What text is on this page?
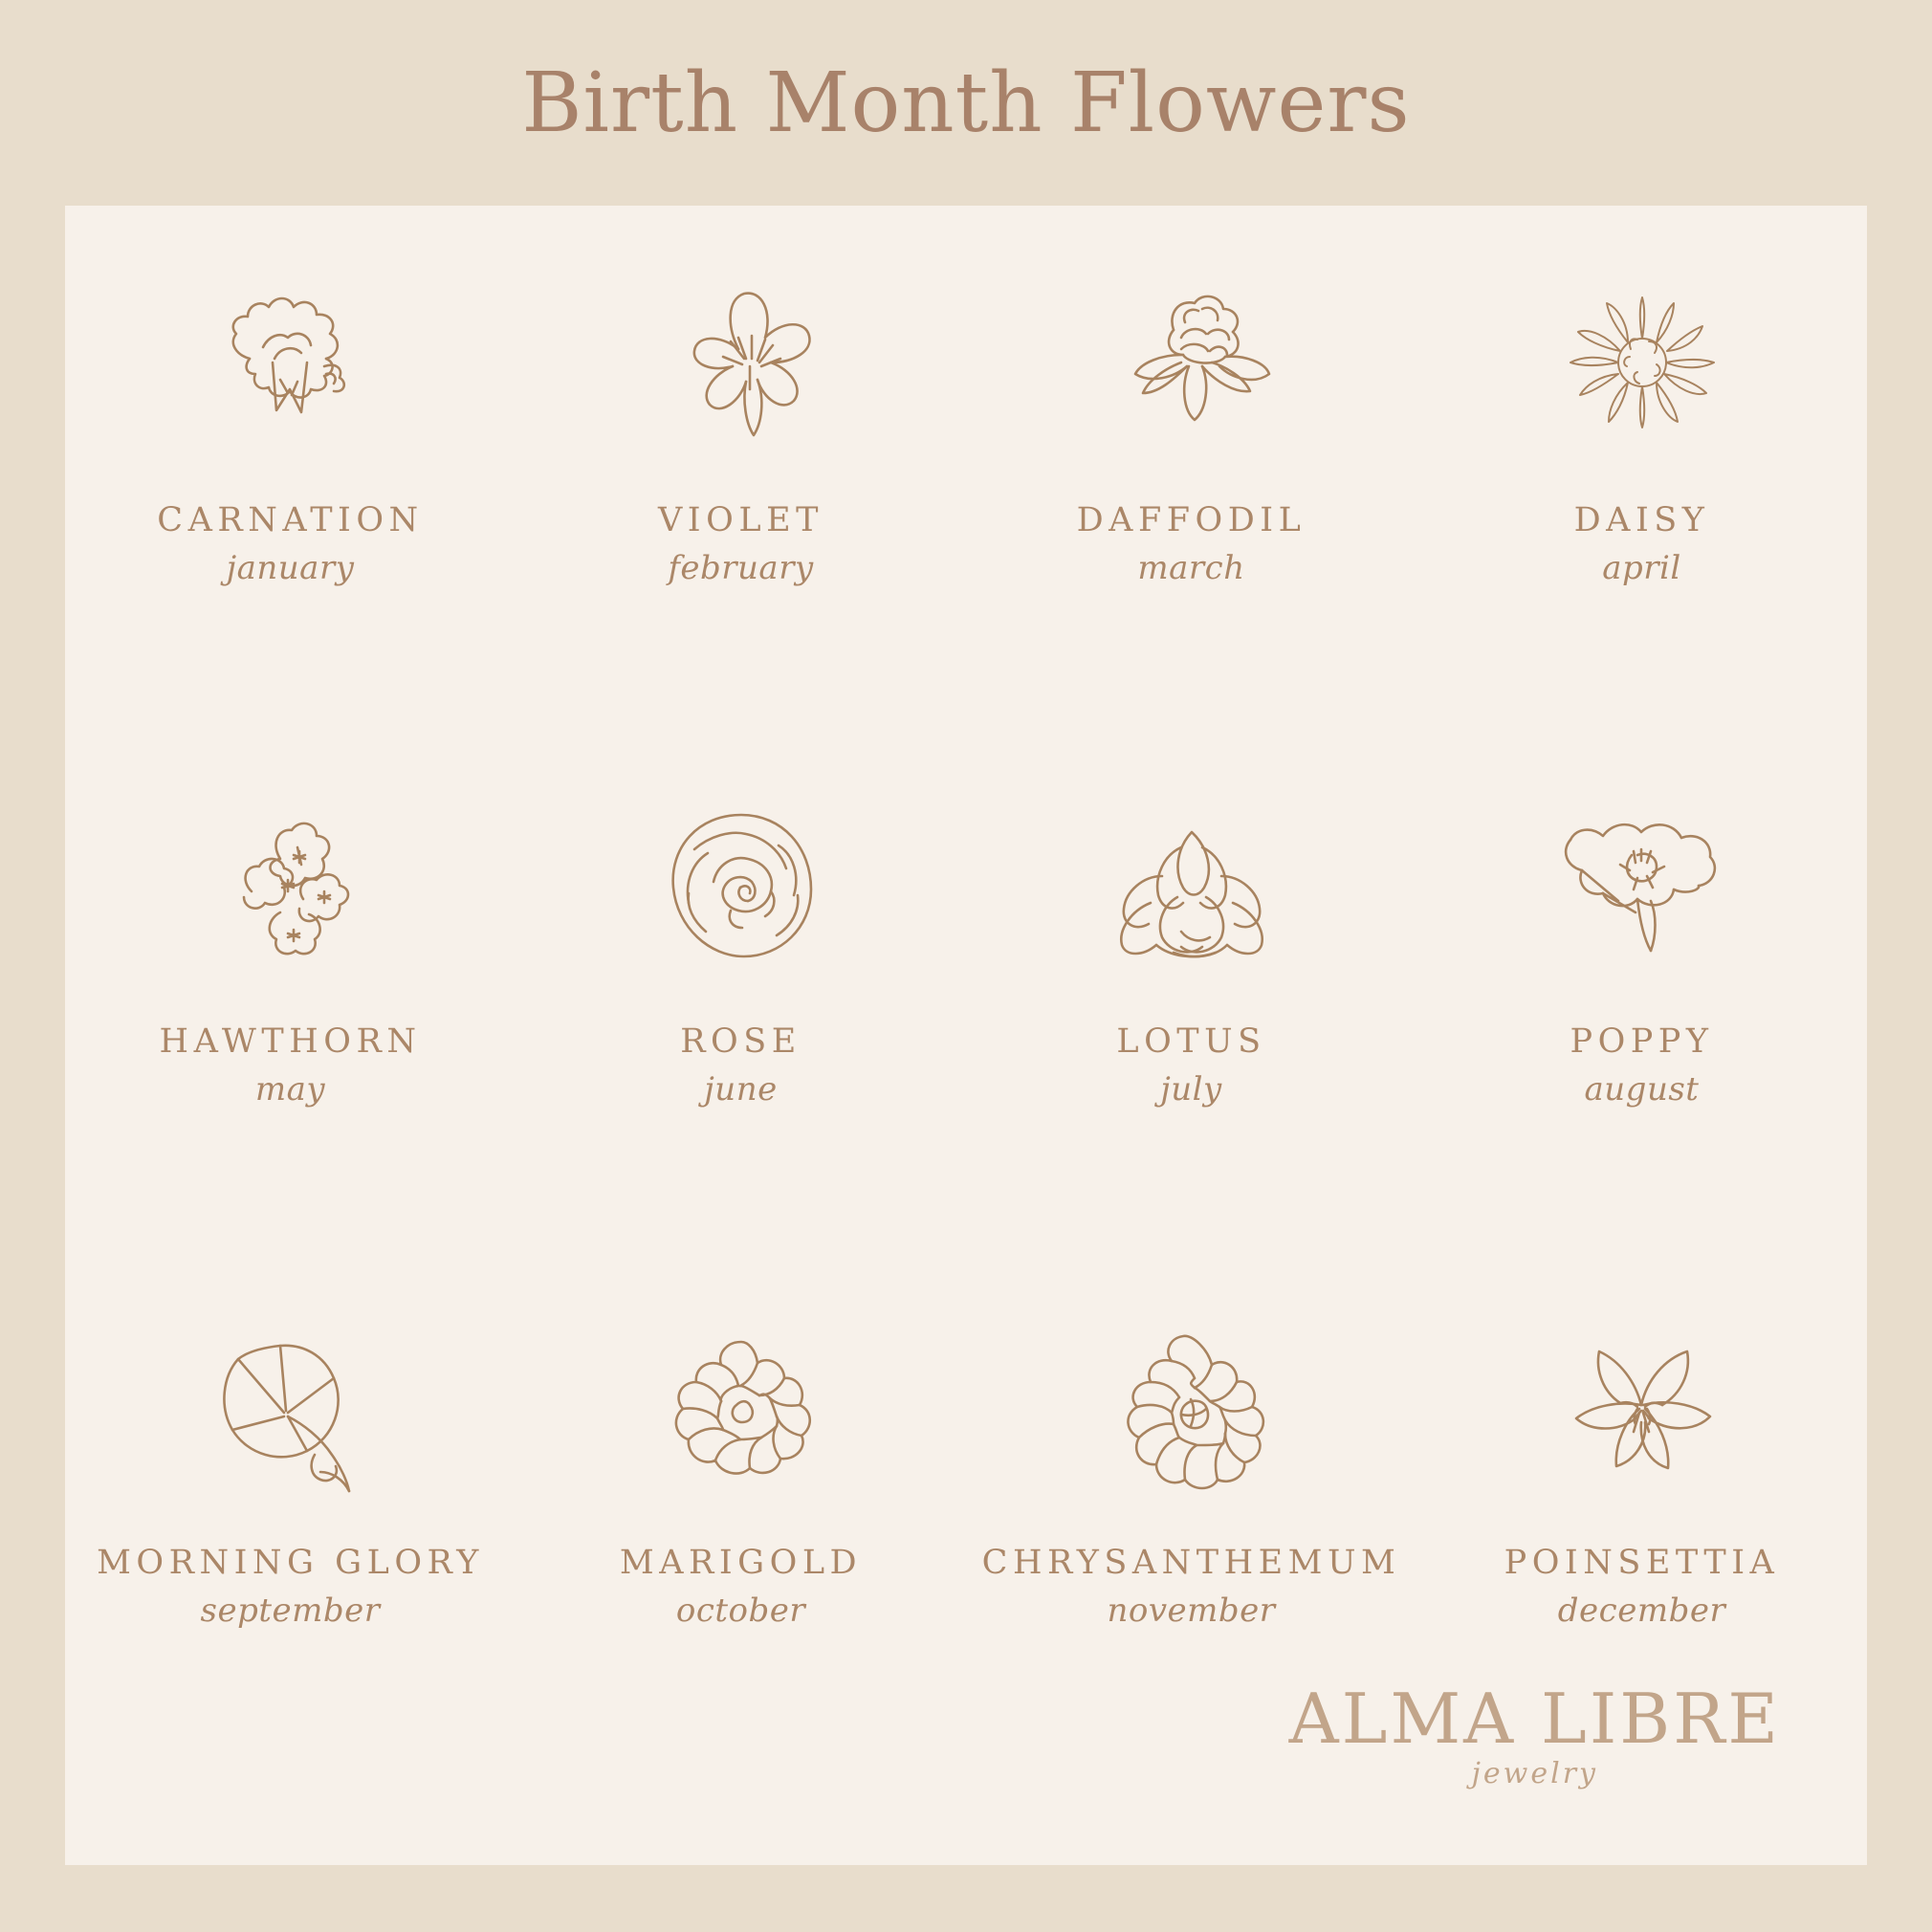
Birth Month Flowers
CARNATION
january
VIOLET
february
DAFFODIL
march
DAISY
april
HAWTHORN
may
ROSE
june
LOTUS
july
POPPY
august
MORNING GLORY
september
MARIGOLD
october
CHRYSANTHEMUM
november
POINSETTIA
december
ALMA LIBRE
jewelry
